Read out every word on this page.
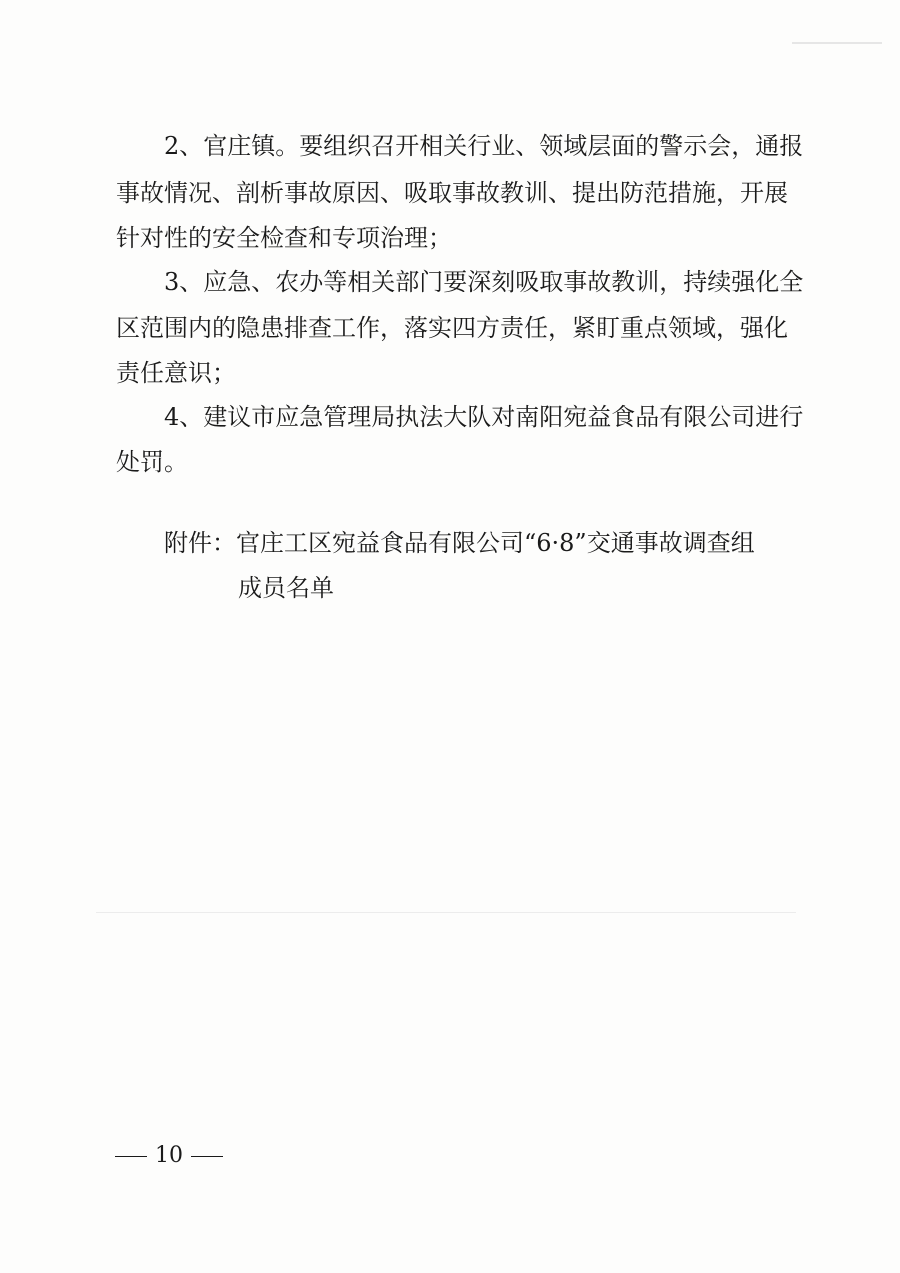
2、官庄镇。要组织召开相关行业、领域层面的警示会，通报
事故情况、剖析事故原因、吸取事故教训、提出防范措施，开展
针对性的安全检查和专项治理；
3、应急、农办等相关部门要深刻吸取事故教训，持续强化全
区范围内的隐患排查工作，落实四方责任，紧盯重点领域，强化
责任意识；
4、建议市应急管理局执法大队对南阳宛益食品有限公司进行
处罚。
附件：官庄工区宛益食品有限公司“6·8”交通事故调查组
成员名单
10
